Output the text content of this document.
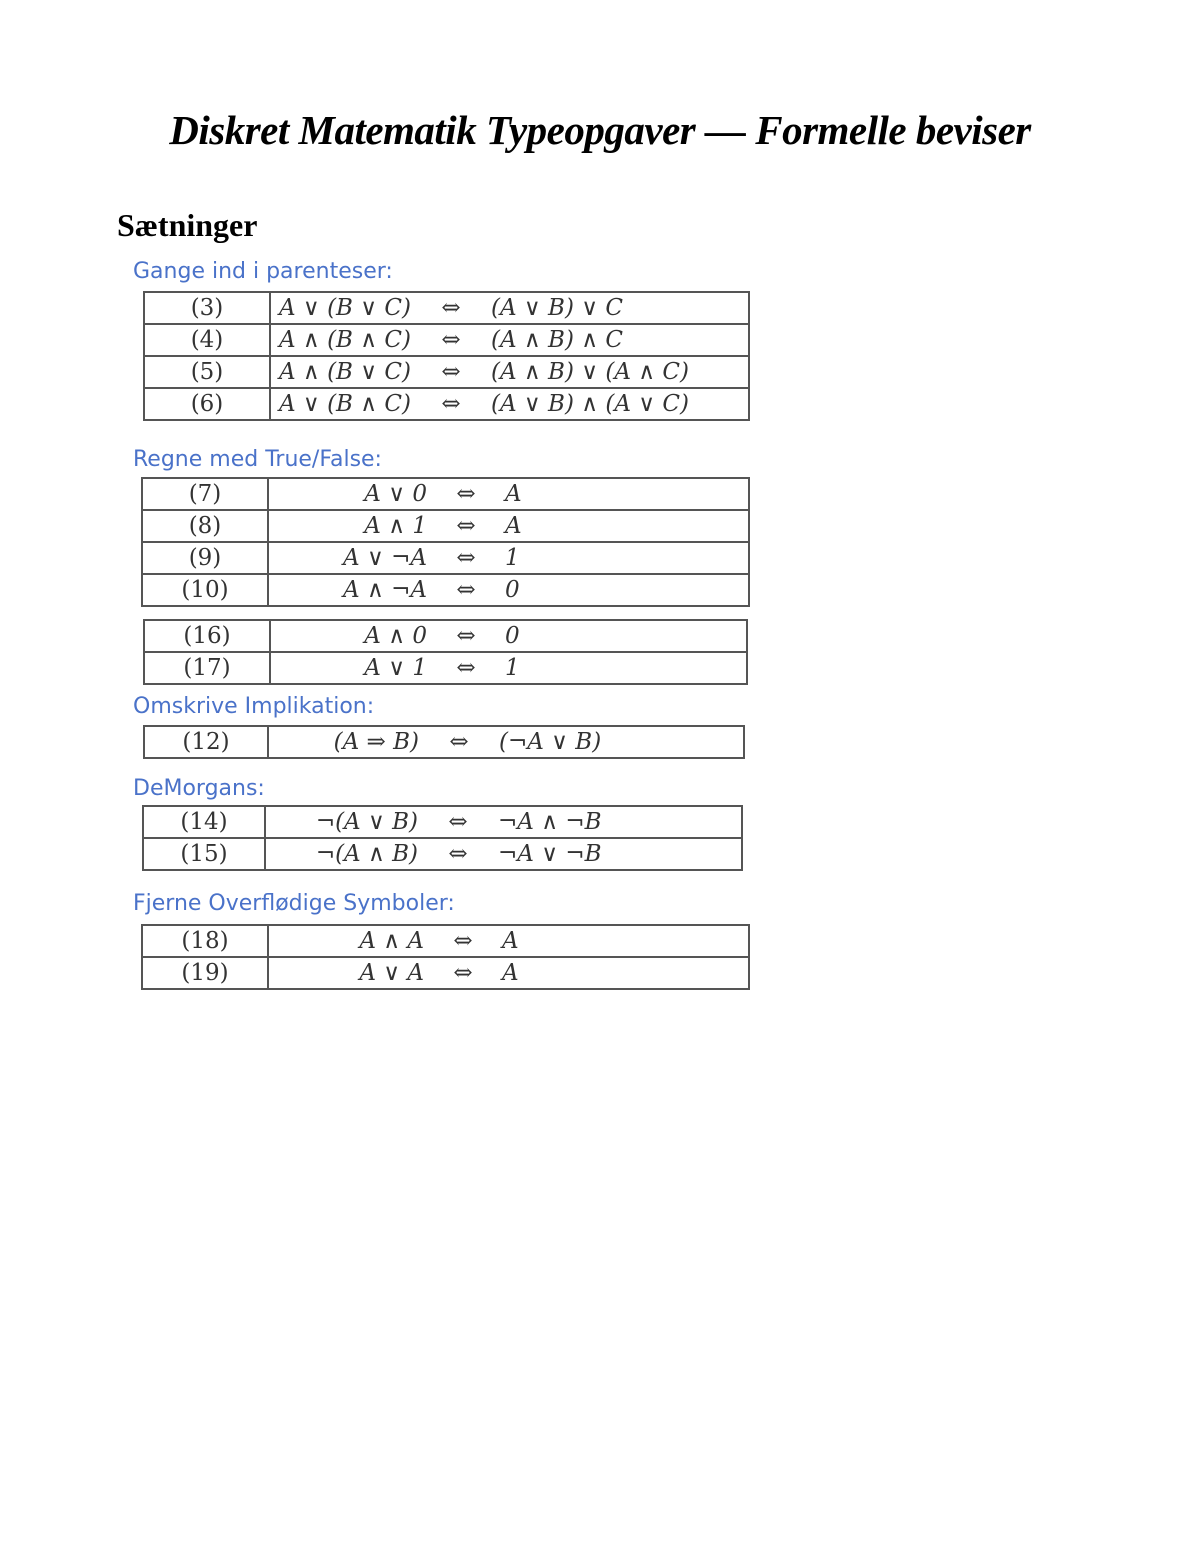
Diskret Matematik Typeopgaver — Formelle beviser
Sætninger
Gange ind i parenteser:
(3)	A ∨ (B ∨ C) ⇔ (A ∨ B) ∨ C
(4)	A ∧ (B ∧ C) ⇔ (A ∧ B) ∧ C
(5)	A ∧ (B ∨ C) ⇔ (A ∧ B) ∨ (A ∧ C)
(6)	A ∨ (B ∧ C) ⇔ (A ∨ B) ∧ (A ∨ C)
Regne med True/False:
(7)	A ∨ 0 ⇔ A
(8)	A ∧ 1 ⇔ A
(9)	A ∨ ¬A ⇔ 1
(10)	A ∧ ¬A ⇔ 0
(16)	A ∧ 0 ⇔ 0
(17)	A ∨ 1 ⇔ 1
Omskrive Implikation:
(12)	(A ⇒ B) ⇔ (¬A ∨ B)
DeMorgans:
(14)	¬(A ∨ B) ⇔ ¬A ∧ ¬B
(15)	¬(A ∧ B) ⇔ ¬A ∨ ¬B
Fjerne Overflødige Symboler:
(18)	A ∧ A ⇔ A
(19)	A ∨ A ⇔ A
